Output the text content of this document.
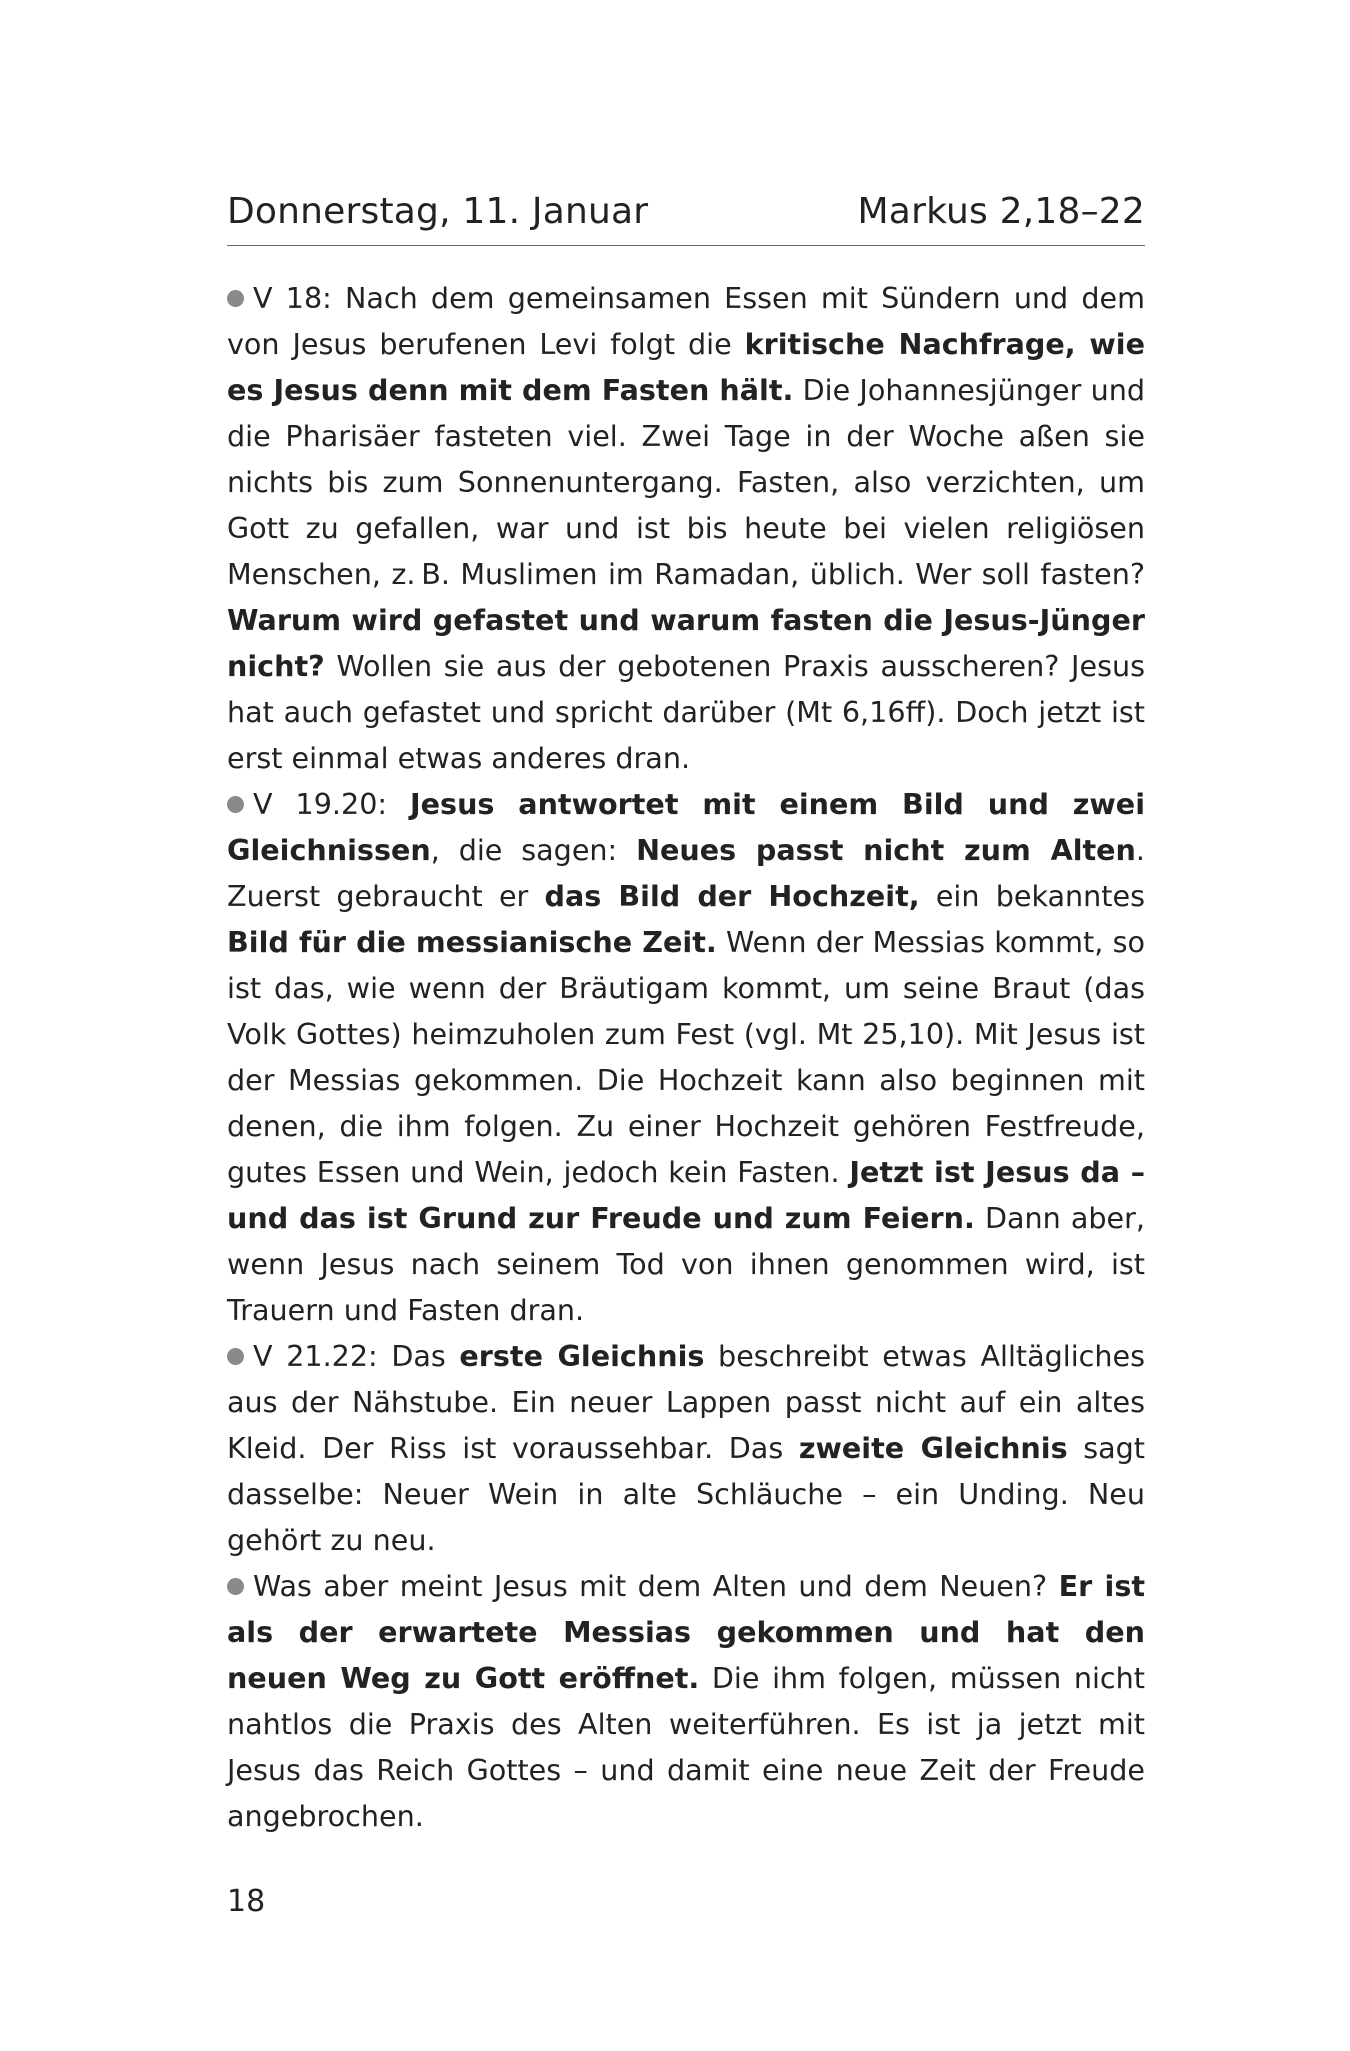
Donnerstag, 11. Januar	Markus 2,18–22

V 18: Nach dem gemeinsamen Essen mit Sündern und dem von Jesus berufenen Levi folgt die kritische Nachfrage, wie es Jesus denn mit dem Fasten hält. Die Johannesjünger und die Pharisäer fasteten viel. Zwei Tage in der Woche aßen sie nichts bis zum Sonnenuntergang. Fasten, also verzichten, um Gott zu gefallen, war und ist bis heute bei vielen religiösen Menschen, z. B. Muslimen im Ramadan, üblich. Wer soll fasten? Warum wird gefastet und warum fasten die Jesus-Jünger nicht? Wollen sie aus der gebotenen Praxis ausscheren? Jesus hat auch gefastet und spricht darüber (Mt 6,16ff). Doch jetzt ist erst einmal etwas anderes dran.

V 19.20: Jesus antwortet mit einem Bild und zwei Gleichnissen, die sagen: Neues passt nicht zum Alten. Zuerst gebraucht er das Bild der Hochzeit, ein bekanntes Bild für die messianische Zeit. Wenn der Messias kommt, so ist das, wie wenn der Bräutigam kommt, um seine Braut (das Volk Gottes) heimzuholen zum Fest (vgl. Mt 25,10). Mit Jesus ist der Messias gekommen. Die Hochzeit kann also beginnen mit denen, die ihm folgen. Zu einer Hochzeit gehören Festfreude, gutes Essen und Wein, jedoch kein Fasten. Jetzt ist Jesus da – und das ist Grund zur Freude und zum Feiern. Dann aber, wenn Jesus nach seinem Tod von ihnen genommen wird, ist Trauern und Fasten dran.

V 21.22: Das erste Gleichnis beschreibt etwas Alltägliches aus der Nähstube. Ein neuer Lappen passt nicht auf ein altes Kleid. Der Riss ist voraussehbar. Das zweite Gleichnis sagt dasselbe: Neuer Wein in alte Schläuche – ein Unding. Neu gehört zu neu.

Was aber meint Jesus mit dem Alten und dem Neuen? Er ist als der erwartete Messias gekommen und hat den neuen Weg zu Gott eröffnet. Die ihm folgen, müssen nicht nahtlos die Praxis des Alten weiterführen. Es ist ja jetzt mit Jesus das Reich Gottes – und damit eine neue Zeit der Freude angebrochen.

18
